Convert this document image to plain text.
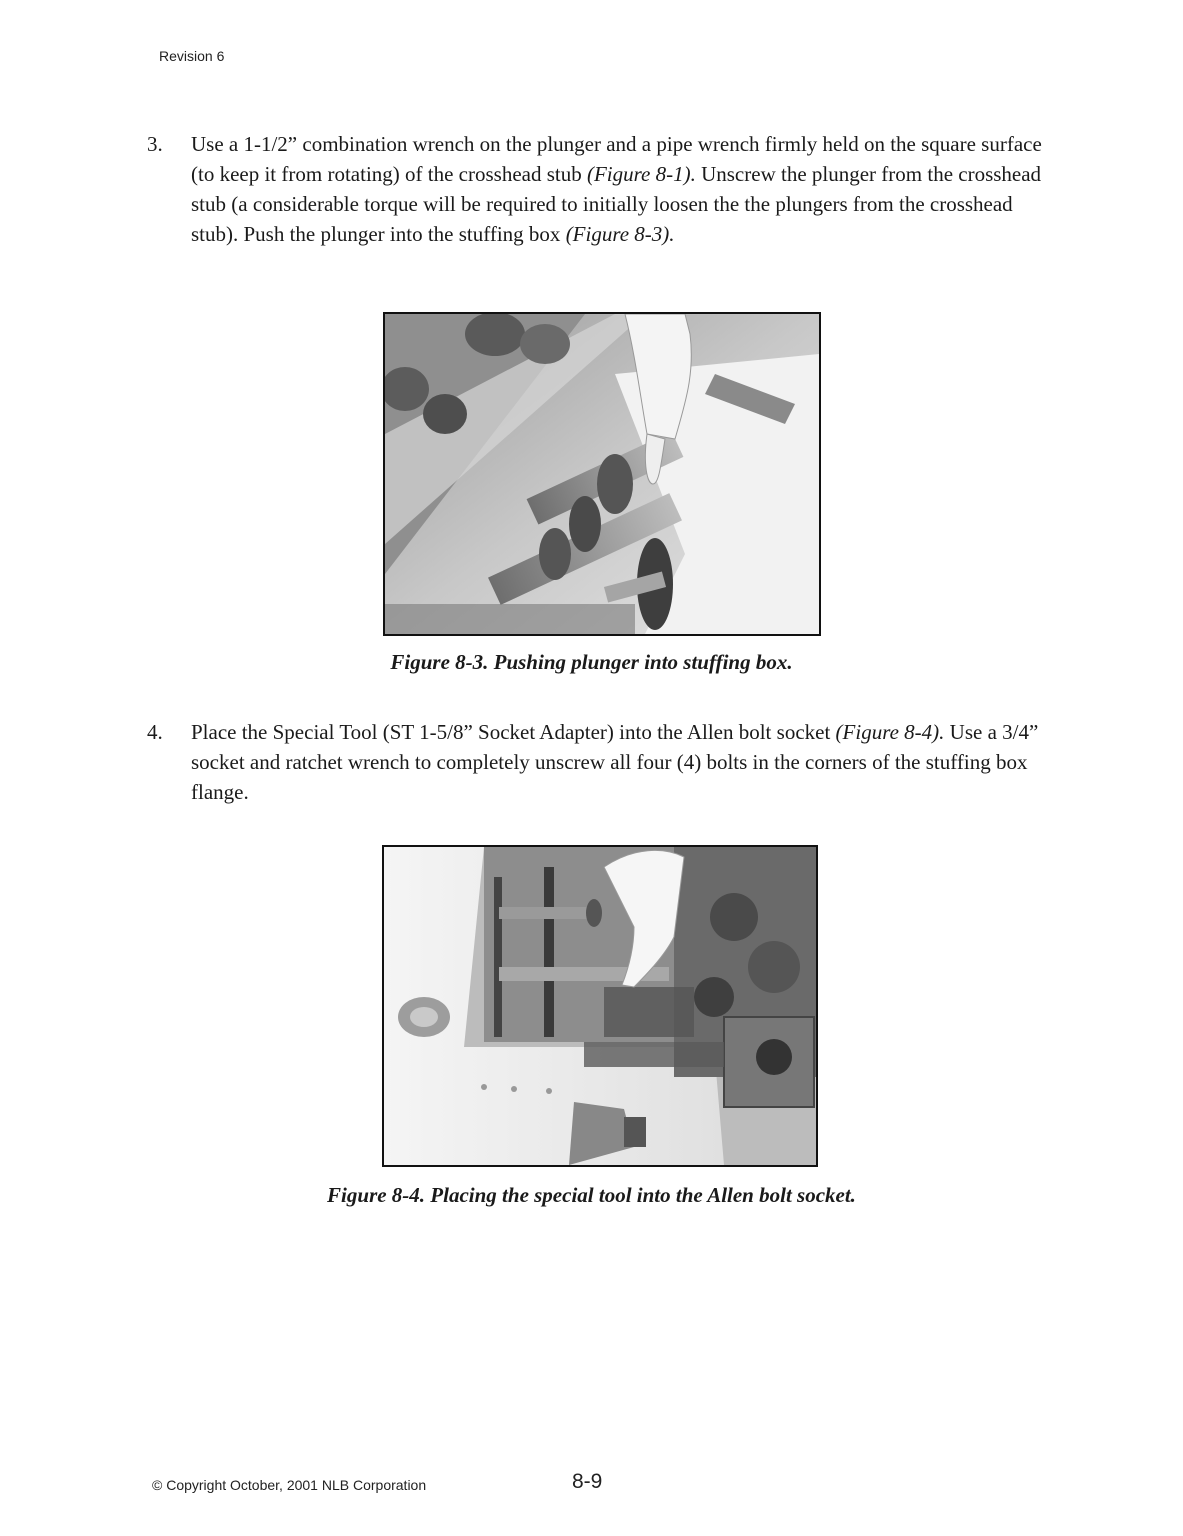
Revision 6
3.	Use a 1-1/2” combination wrench on the plunger and a pipe wrench firmly held on the square surface (to keep it from rotating) of the crosshead stub (Figure 8-1). Unscrew the plunger from the crosshead stub (a considerable torque will be required to initially loosen the the plungers from the crosshead stub). Push the plunger into the stuffing box (Figure 8-3).
Figure 8-3. Pushing plunger into stuffing box.
4.	Place the Special Tool (ST 1-5/8” Socket Adapter) into the Allen bolt socket (Figure 8-4). Use a 3/4” socket and ratchet wrench to completely unscrew all four (4) bolts in the corners of the stuffing box flange.
Figure 8-4. Placing the special tool into the Allen bolt socket.
© Copyright October, 2001 NLB Corporation	8-9
